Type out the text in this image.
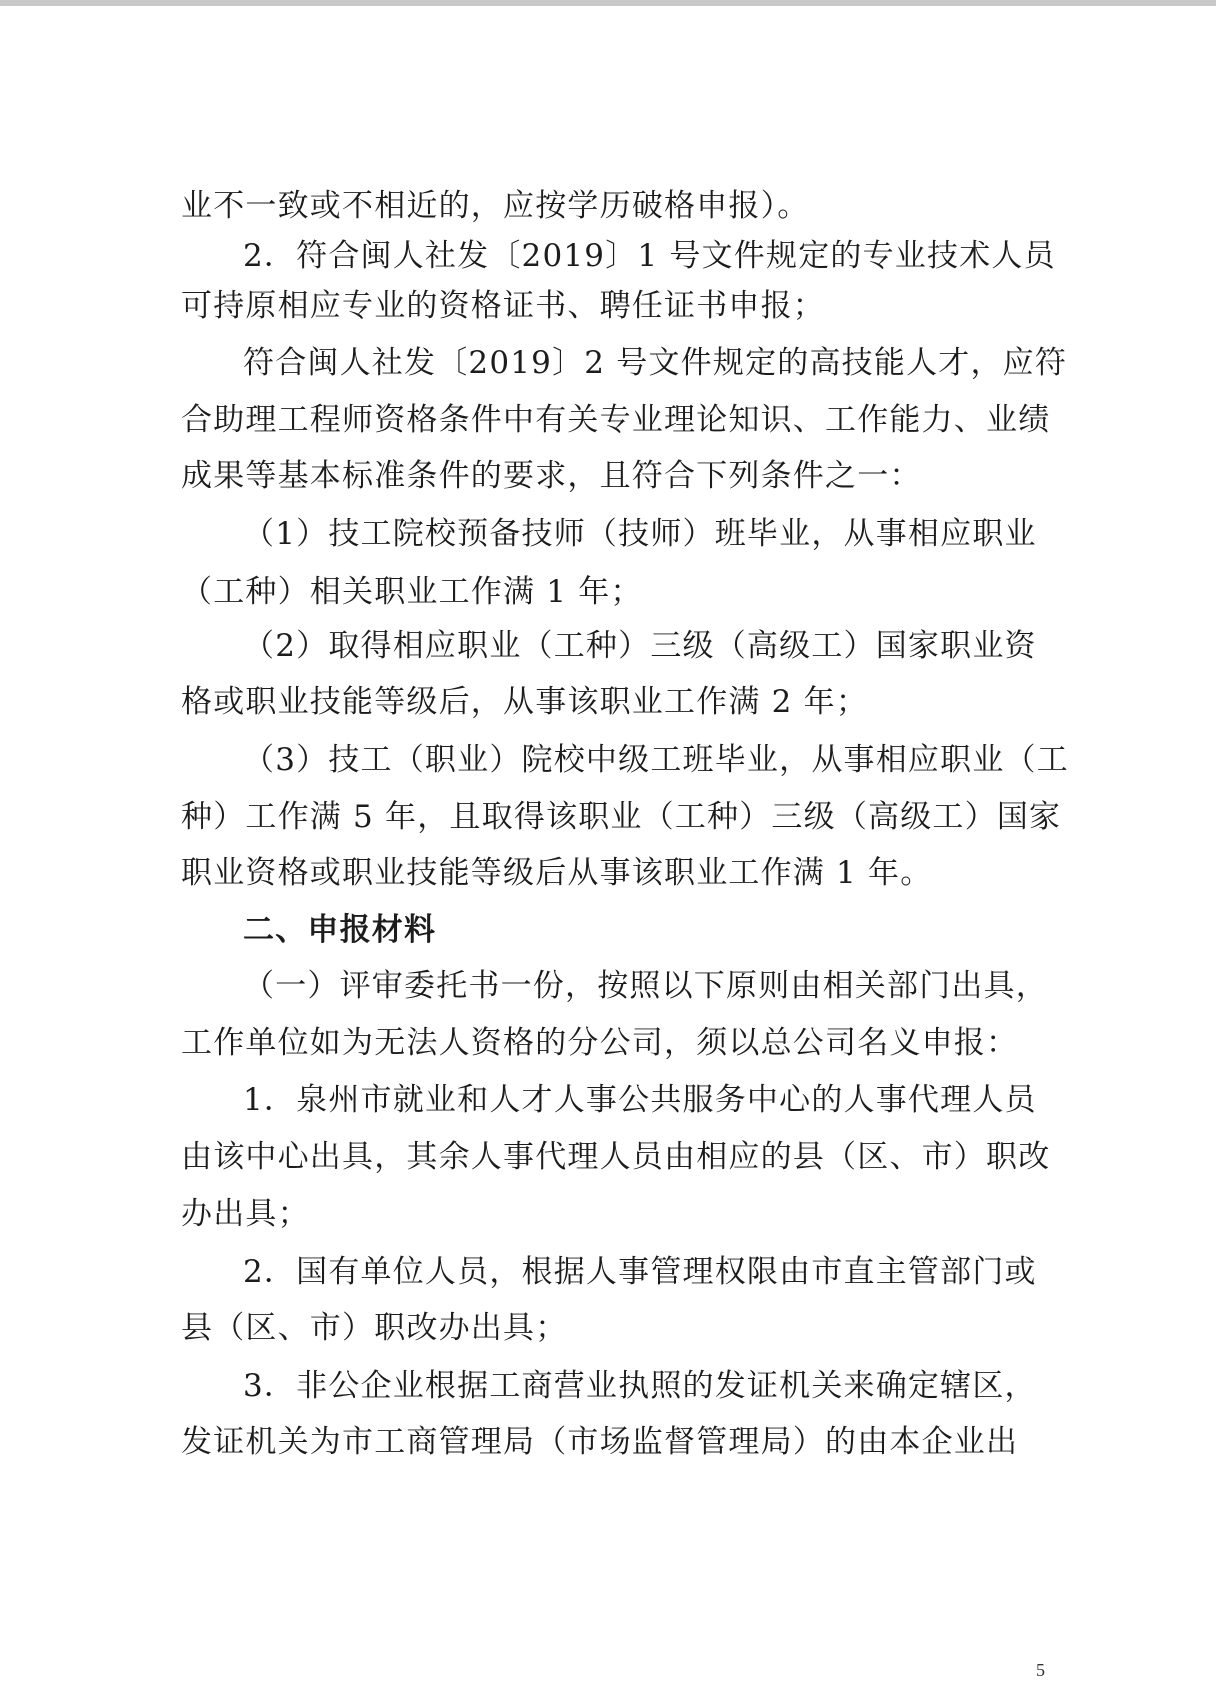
业不一致或不相近的，应按学历破格申报）。
2．符合闽人社发〔2019〕1 号文件规定的专业技术人员
可持原相应专业的资格证书、聘任证书申报；
符合闽人社发〔2019〕2 号文件规定的高技能人才，应符
合助理工程师资格条件中有关专业理论知识、工作能力、业绩
成果等基本标准条件的要求，且符合下列条件之一：
（1）技工院校预备技师（技师）班毕业，从事相应职业
（工种）相关职业工作满 1 年；
（2）取得相应职业（工种）三级（高级工）国家职业资
格或职业技能等级后，从事该职业工作满 2 年；
（3）技工（职业）院校中级工班毕业，从事相应职业（工
种）工作满 5 年，且取得该职业（工种）三级（高级工）国家
职业资格或职业技能等级后从事该职业工作满 1 年。
二、申报材料
（一）评审委托书一份，按照以下原则由相关部门出具，
工作单位如为无法人资格的分公司，须以总公司名义申报：
1．泉州市就业和人才人事公共服务中心的人事代理人员
由该中心出具，其余人事代理人员由相应的县（区、市）职改
办出具；
2．国有单位人员，根据人事管理权限由市直主管部门或
县（区、市）职改办出具；
3．非公企业根据工商营业执照的发证机关来确定辖区，
发证机关为市工商管理局（市场监督管理局）的由本企业出
5
